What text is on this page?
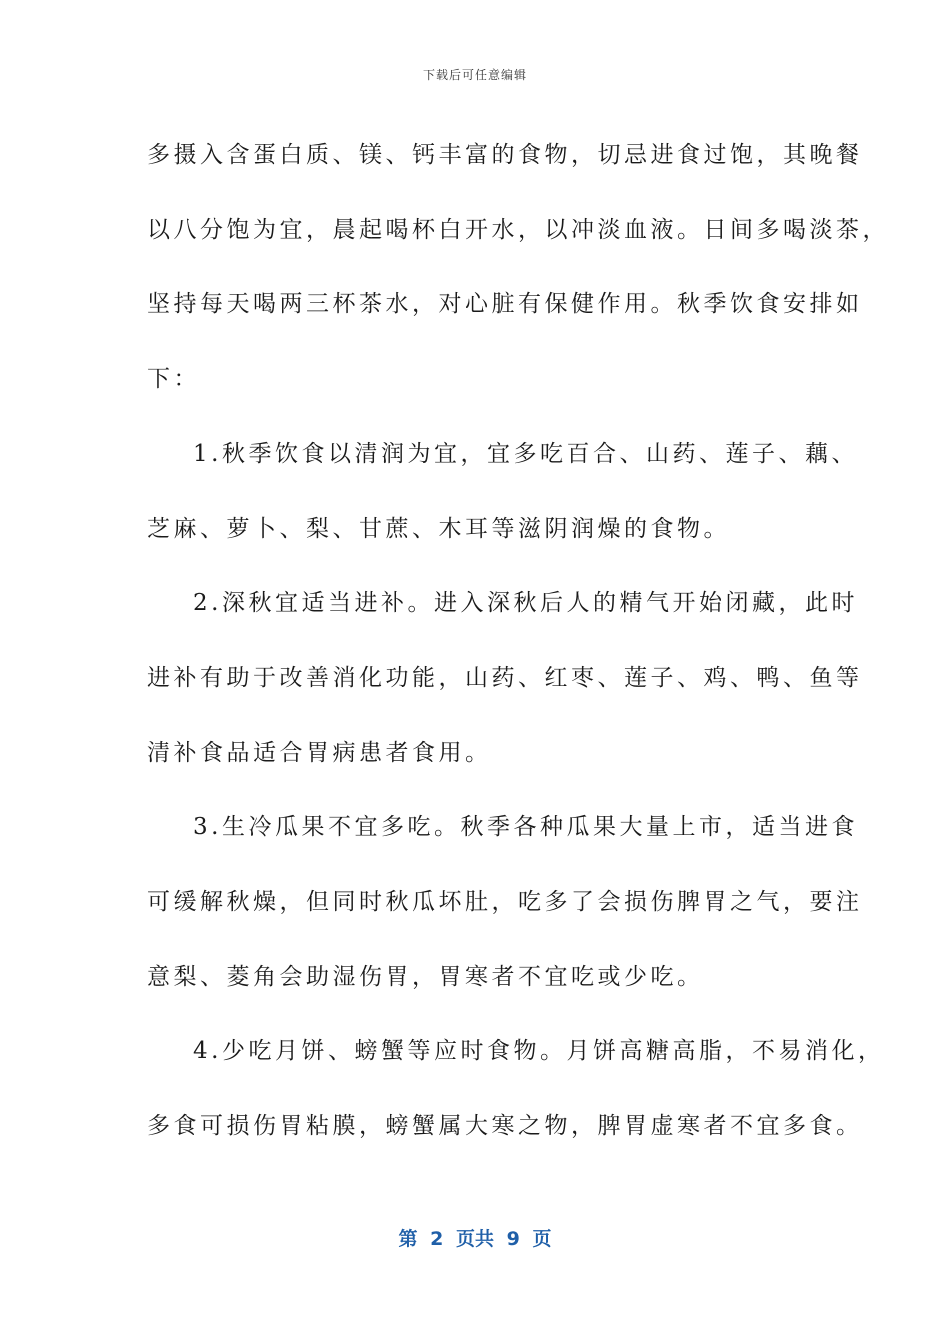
下载后可任意编辑
多摄入含蛋白质、镁、钙丰富的食物，切忌进食过饱，其晚餐
以八分饱为宜，晨起喝杯白开水，以冲淡血液。日间多喝淡茶，
坚持每天喝两三杯茶水，对心脏有保健作用。秋季饮食安排如
下：
1.秋季饮食以清润为宜，宜多吃百合、山药、莲子、藕、
芝麻、萝卜、梨、甘蔗、木耳等滋阴润燥的食物。
2.深秋宜适当进补。进入深秋后人的精气开始闭藏，此时
进补有助于改善消化功能，山药、红枣、莲子、鸡、鸭、鱼等
清补食品适合胃病患者食用。
3.生冷瓜果不宜多吃。秋季各种瓜果大量上市，适当进食
可缓解秋燥，但同时秋瓜坏肚，吃多了会损伤脾胃之气，要注
意梨、菱角会助湿伤胃，胃寒者不宜吃或少吃。
4.少吃月饼、螃蟹等应时食物。月饼高糖高脂，不易消化，
多食可损伤胃粘膜，螃蟹属大寒之物，脾胃虚寒者不宜多食。
第 2 页共 9 页
